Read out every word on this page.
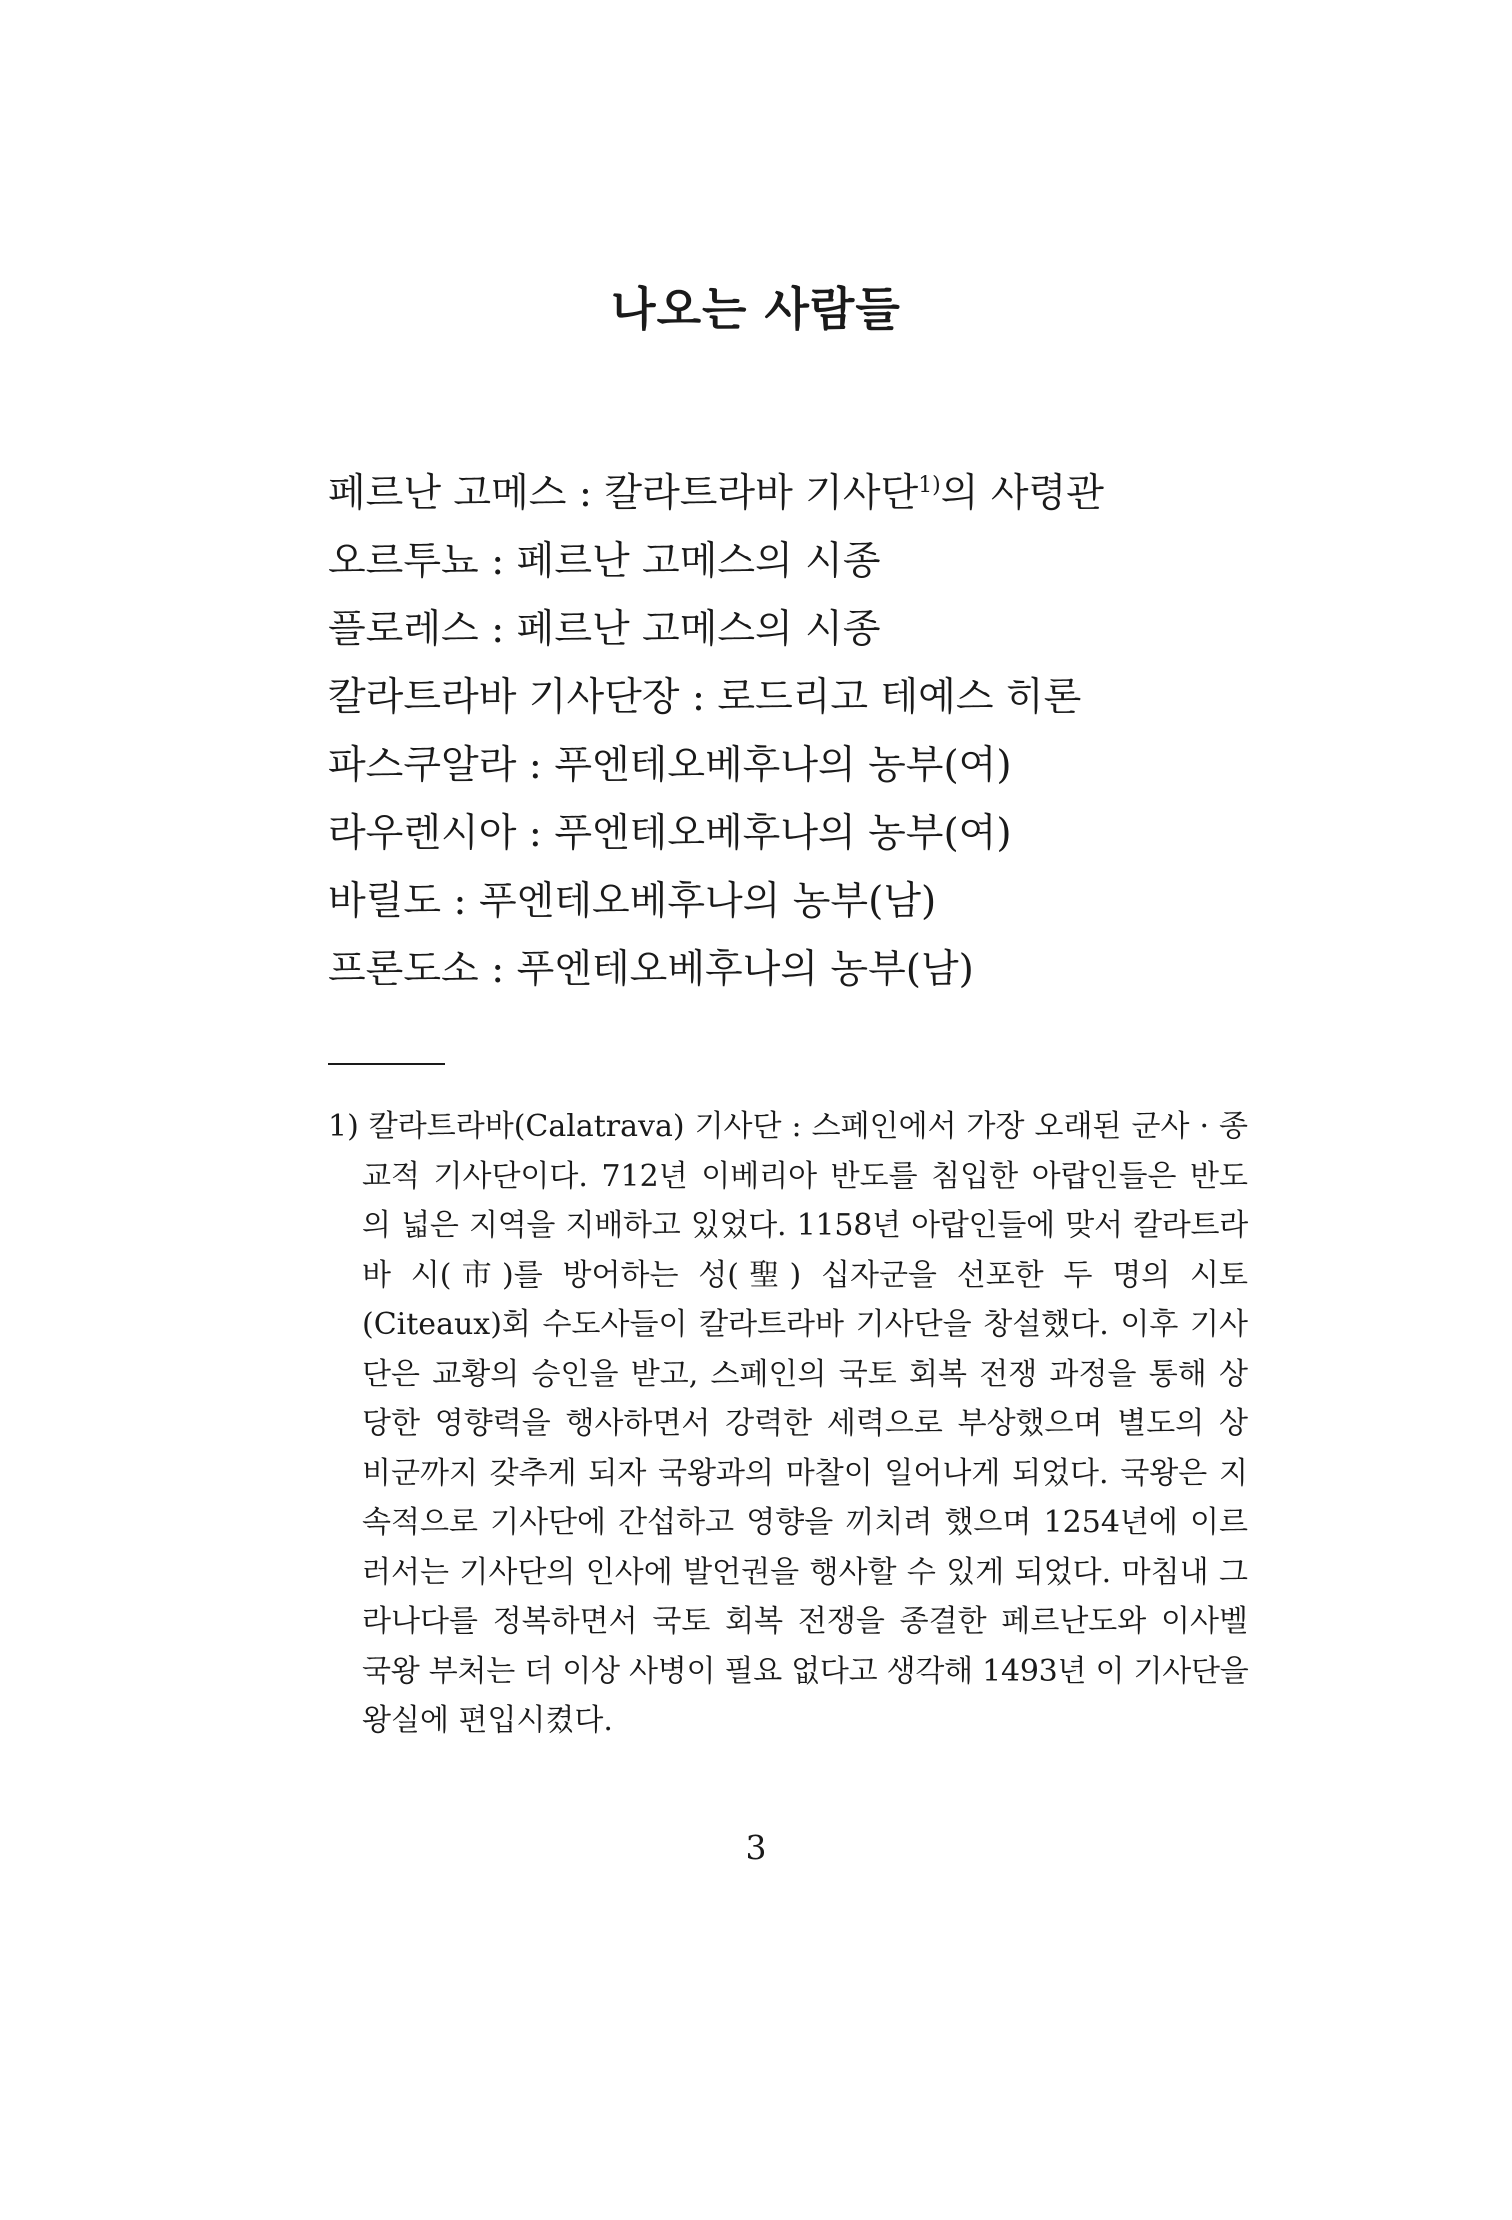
나오는 사람들
페르난 고메스 : 칼라트라바 기사단$^{1)}$의 사령관
오르투뇨 : 페르난 고메스의 시종
플로레스 : 페르난 고메스의 시종
칼라트라바 기사단장 : 로드리고 테예스 히론
파스쿠알라 : 푸엔테오베후나의 농부(여)
라우렌시아 : 푸엔테오베후나의 농부(여)
바릴도 : 푸엔테오베후나의 농부(남)
프론도소 : 푸엔테오베후나의 농부(남)
1) 칼라트라바(Calatrava) 기사단 : 스페인에서 가장 오래된 군사 · 종
교적 기사단이다. 712년 이베리아 반도를 침입한 아랍인들은 반도
의 넓은 지역을 지배하고 있었다. 1158년 아랍인들에 맞서 칼라트라
바 시(市)를 방어하는 성(聖) 십자군을 선포한 두 명의 시토
(Citeaux)회 수도사들이 칼라트라바 기사단을 창설했다. 이후 기사
단은 교황의 승인을 받고, 스페인의 국토 회복 전쟁 과정을 통해 상
당한 영향력을 행사하면서 강력한 세력으로 부상했으며 별도의 상
비군까지 갖추게 되자 국왕과의 마찰이 일어나게 되었다. 국왕은 지
속적으로 기사단에 간섭하고 영향을 끼치려 했으며 1254년에 이르
러서는 기사단의 인사에 발언권을 행사할 수 있게 되었다. 마침내 그
라나다를 정복하면서 국토 회복 전쟁을 종결한 페르난도와 이사벨
국왕 부처는 더 이상 사병이 필요 없다고 생각해 1493년 이 기사단을
왕실에 편입시켰다.
3
